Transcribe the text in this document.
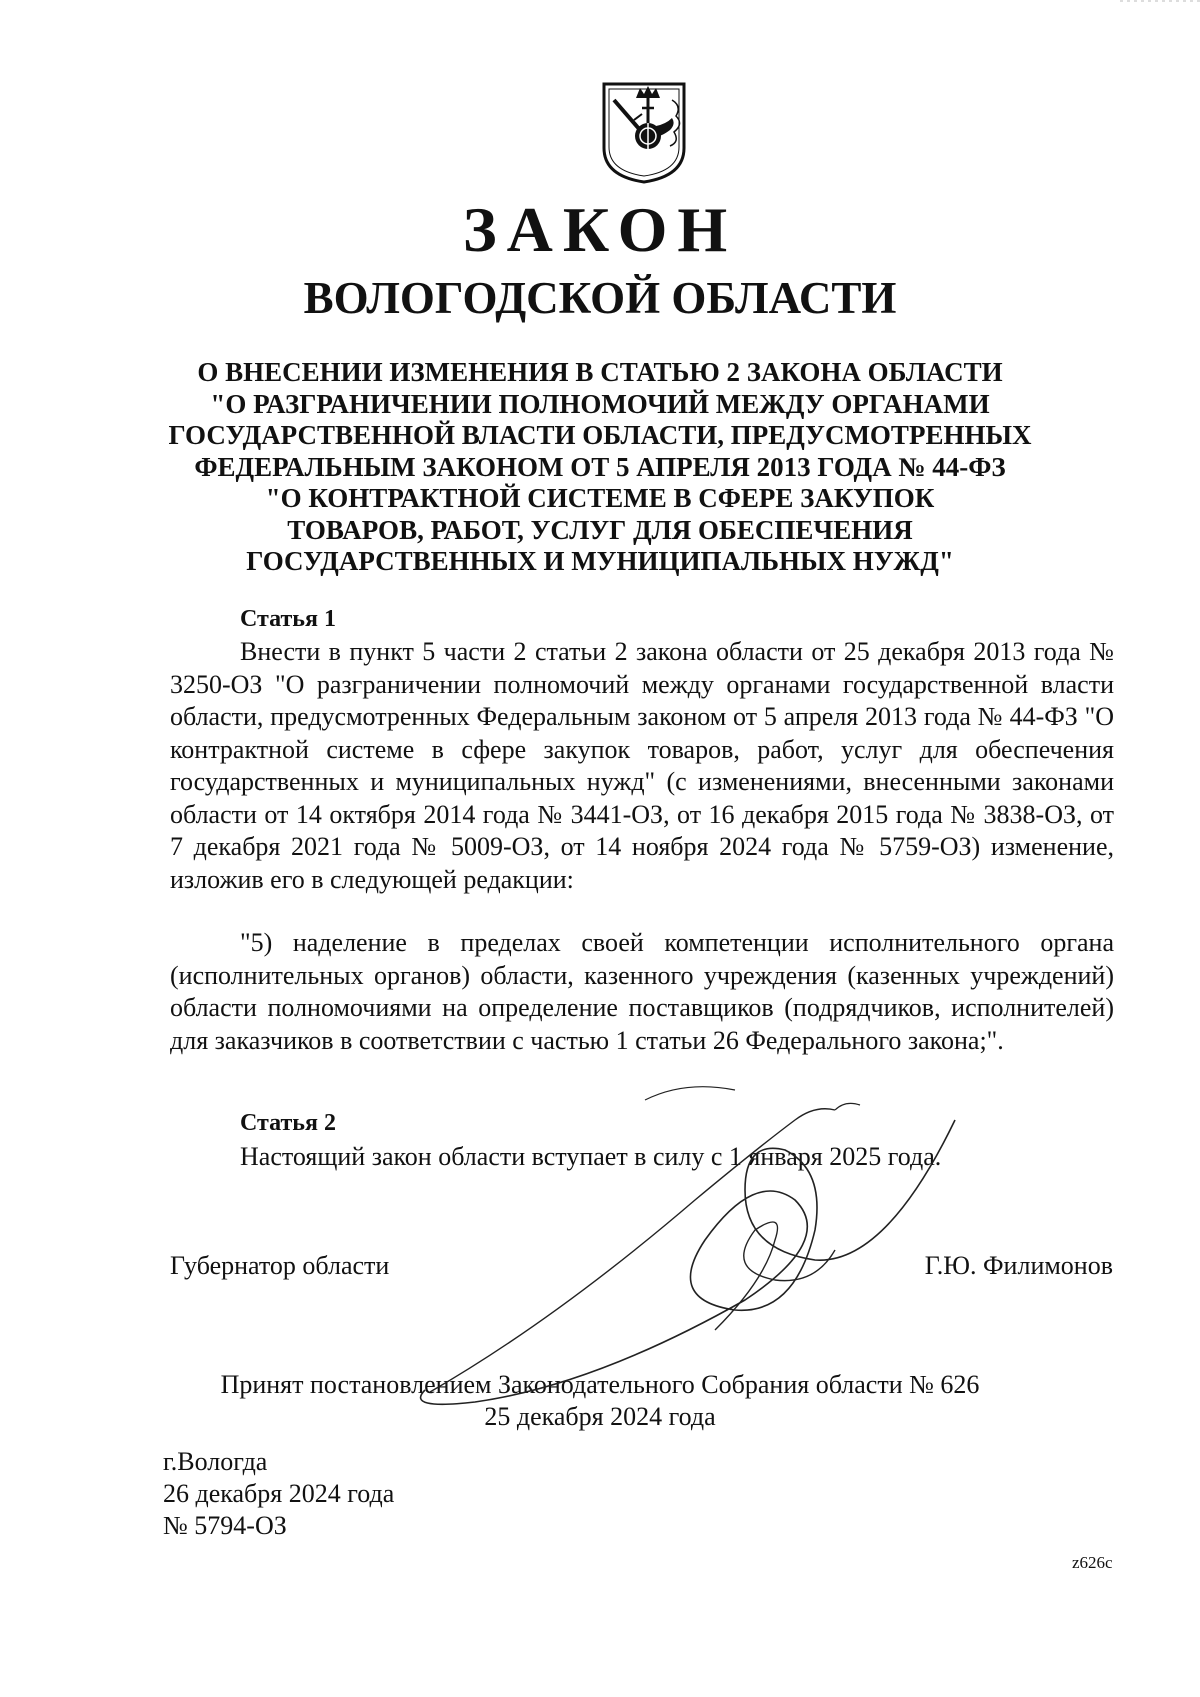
ЗАКОН
ВОЛОГОДСКОЙ ОБЛАСТИ
О ВНЕСЕНИИ ИЗМЕНЕНИЯ В СТАТЬЮ 2 ЗАКОНА ОБЛАСТИ
"О РАЗГРАНИЧЕНИИ ПОЛНОМОЧИЙ МЕЖДУ ОРГАНАМИ
ГОСУДАРСТВЕННОЙ ВЛАСТИ ОБЛАСТИ, ПРЕДУСМОТРЕННЫХ
ФЕДЕРАЛЬНЫМ ЗАКОНОМ ОТ 5 АПРЕЛЯ 2013 ГОДА № 44-ФЗ
"О КОНТРАКТНОЙ СИСТЕМЕ В СФЕРЕ ЗАКУПОК
ТОВАРОВ, РАБОТ, УСЛУГ ДЛЯ ОБЕСПЕЧЕНИЯ
ГОСУДАРСТВЕННЫХ И МУНИЦИПАЛЬНЫХ НУЖД"
Статья 1

Внести в пункт 5 части 2 статьи 2 закона области от 25 декабря 2013 года № 3250-ОЗ "О разграничении полномочий между органами государственной власти области, предусмотренных Федеральным законом от 5 апреля 2013 года № 44-ФЗ "О контрактной системе в сфере закупок товаров, работ, услуг для обеспечения государственных и муниципальных нужд" (с изменениями, внесенными законами области от 14 октября 2014 года № 3441-ОЗ, от 16 декабря 2015 года № 3838-ОЗ, от 7 декабря 2021 года № 5009-ОЗ, от 14 ноября 2024 года № 5759-ОЗ) изменение, изложив его в следующей редакции:

"5) наделение в пределах своей компетенции исполнительного органа (исполнительных органов) области, казенного учреждения (казенных учреждений) области полномочиями на определение поставщиков (подрядчиков, исполнителей) для заказчиков в соответствии с частью 1 статьи 26 Федерального закона;".

Статья 2

Настоящий закон области вступает в силу с 1 января 2025 года.

Губернатор области	Г.Ю. Филимонов

Принят постановлением Законодательного Собрания области № 626

25 декабря 2024 года

г.Вологда

26 декабря 2024 года

№ 5794-ОЗ

z626c
